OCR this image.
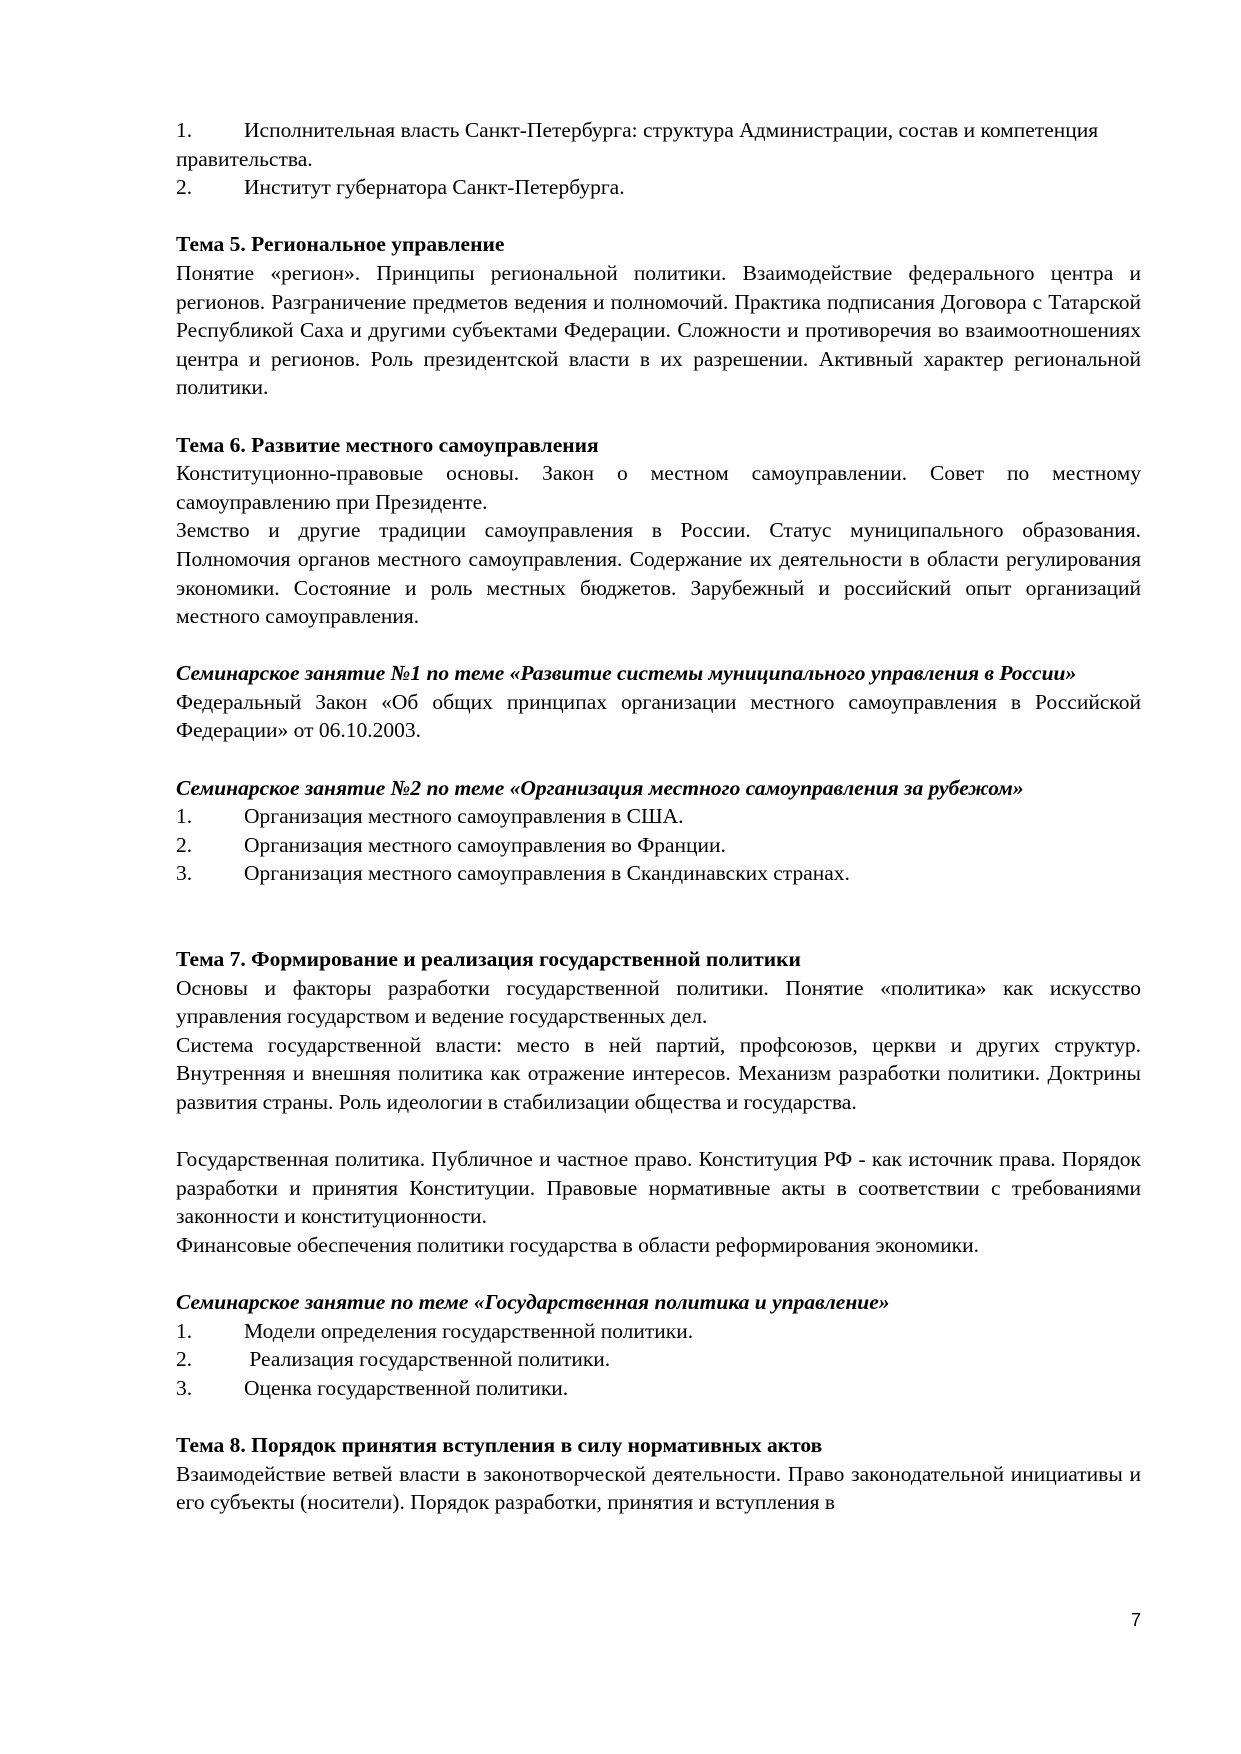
1. Исполнительная власть Санкт-Петербурга: структура Администрации, состав и компетенция правительства.
2. Институт губернатора Санкт-Петербурга.

Тема 5. Региональное управление

Понятие «регион». Принципы региональной политики. Взаимодействие федерального центра и регионов. Разграничение предметов ведения и полномочий. Практика подписания Договора с Татарской Республикой Саха и другими субъектами Федерации. Сложности и противоречия во взаимоотношениях центра и регионов. Роль президентской власти в их разрешении. Активный характер региональной политики.

Тема 6. Развитие местного самоуправления

Конституционно-правовые основы. Закон о местном самоуправлении. Совет по местному самоуправлению при Президенте.

Земство и другие традиции самоуправления в России. Статус муниципального образования. Полномочия органов местного самоуправления. Содержание их деятельности в области регулирования экономики. Состояние и роль местных бюджетов. Зарубежный и российский опыт организаций местного самоуправления.

Семинарское занятие №1 по теме «Развитие системы муниципального управления в России»

Федеральный Закон «Об общих принципах организации местного самоуправления в Российской Федерации» от 06.10.2003.

Семинарское занятие №2 по теме «Организация местного самоуправления за рубежом»

1. Организация местного самоуправления в США.
2. Организация местного самоуправления во Франции.
3. Организация местного самоуправления в Скандинавских странах.

Тема 7. Формирование и реализация государственной политики

Основы и факторы разработки государственной политики. Понятие «политика» как искусство управления государством и ведение государственных дел.

Система государственной власти: место в ней партий, профсоюзов, церкви и других структур. Внутренняя и внешняя политика как отражение интересов. Механизм разработки политики. Доктрины развития страны. Роль идеологии в стабилизации общества и государства.

Государственная политика. Публичное и частное право. Конституция РФ - как источник права. Порядок разработки и принятия Конституции. Правовые нормативные акты в соответствии с требованиями законности и конституционности.

Финансовые обеспечения политики государства в области реформирования экономики.

Семинарское занятие по теме «Государственная политика и управление»

1. Модели определения государственной политики.
2. Реализация государственной политики.
3. Оценка государственной политики.

Тема 8. Порядок принятия вступления в силу нормативных актов

Взаимодействие ветвей власти в законотворческой деятельности. Право законодательной инициативы и его субъекты (носители). Порядок разработки, принятия и вступления в

7
